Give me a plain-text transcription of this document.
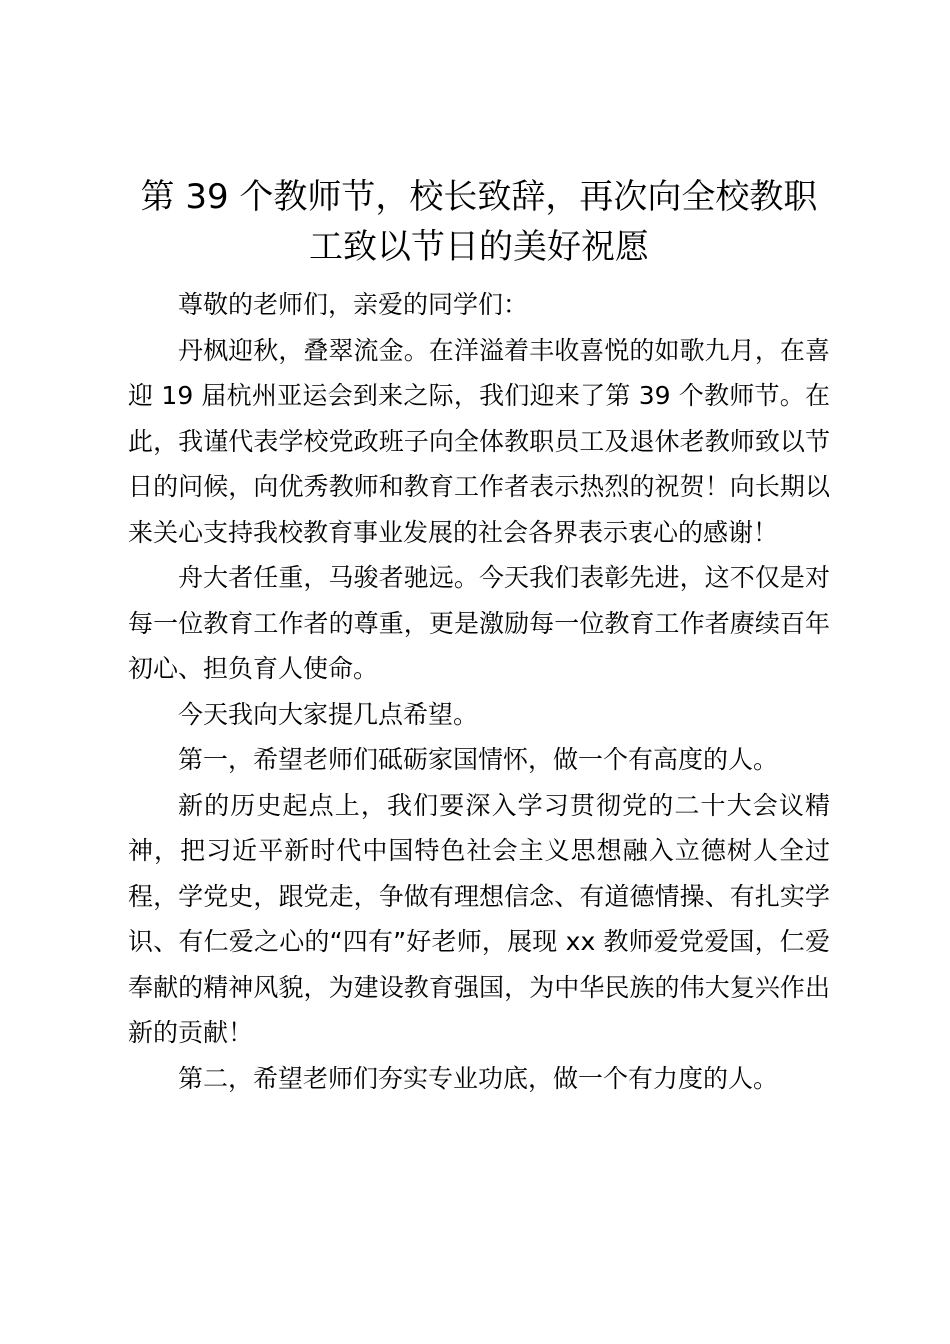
第 39 个教师节，校长致辞，再次向全校教职工致以节日的美好祝愿

尊敬的老师们，亲爱的同学们：

丹枫迎秋，叠翠流金。在洋溢着丰收喜悦的如歌九月，在喜迎 19 届杭州亚运会到来之际，我们迎来了第 39 个教师节。在此，我谨代表学校党政班子向全体教职员工及退休老教师致以节日的问候，向优秀教师和教育工作者表示热烈的祝贺！向长期以来关心支持我校教育事业发展的社会各界表示衷心的感谢！

舟大者任重，马骏者驰远。今天我们表彰先进，这不仅是对每一位教育工作者的尊重，更是激励每一位教育工作者赓续百年初心、担负育人使命。

今天我向大家提几点希望。

第一，希望老师们砥砺家国情怀，做一个有高度的人。

新的历史起点上，我们要深入学习贯彻党的二十大会议精神，把习近平新时代中国特色社会主义思想融入立德树人全过程，学党史，跟党走，争做有理想信念、有道德情操、有扎实学识、有仁爱之心的“四有”好老师，展现 xx 教师爱党爱国，仁爱奉献的精神风貌，为建设教育强国，为中华民族的伟大复兴作出新的贡献！

第二，希望老师们夯实专业功底，做一个有力度的人。
